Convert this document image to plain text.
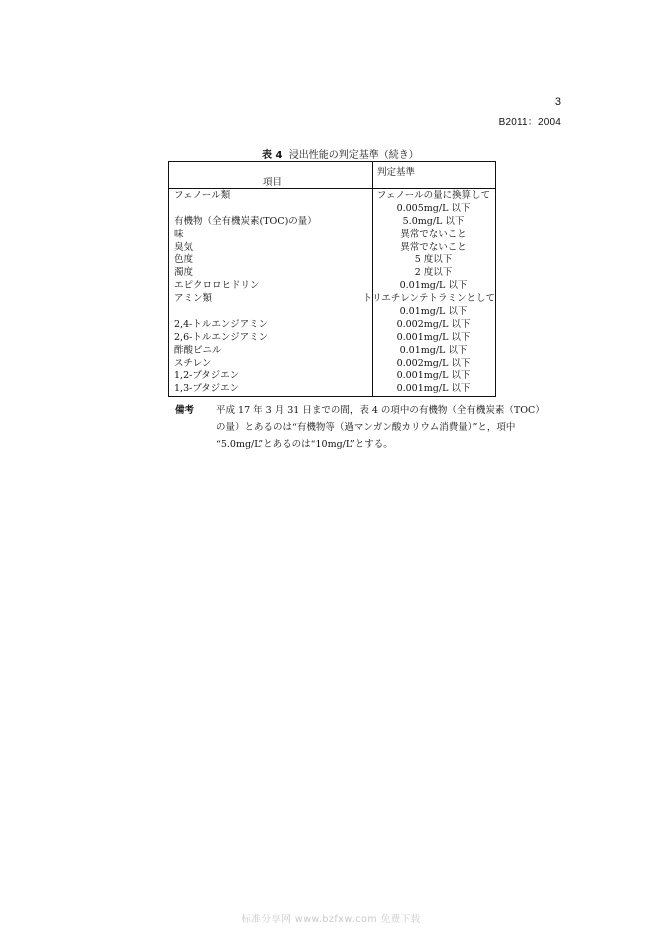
3
B2011：2004
表 4 浸出性能の判定基準（続き）
項目
判定基準
フェノール類	フェノールの量に換算して
0.005mg/L 以下
有機物（全有機炭素(TOC)の量）	5.0mg/L 以下
味	異常でないこと
臭気	異常でないこと
色度	5 度以下
濁度	2 度以下
エピクロロヒドリン	0.01mg/L 以下
アミン類	トリエチレンテトラミンとして
0.01mg/L 以下
2,4-トルエンジアミン	0.002mg/L 以下
2,6-トルエンジアミン	0.001mg/L 以下
酢酸ビニル	0.01mg/L 以下
スチレン	0.002mg/L 以下
1,2-ブタジエン	0.001mg/L 以下
1,3-ブタジエン	0.001mg/L 以下
備考 平成 17 年 3 月 31 日までの間，表 4 の項中の有機物（全有機炭素（TOC）
の量）とあるのは“有機物等（過マンガン酸カリウム消費量）”と，項中
“5.0mg/L”とあるのは“10mg/L”とする。
标准分享网 www.bzfxw.com 免费下载
